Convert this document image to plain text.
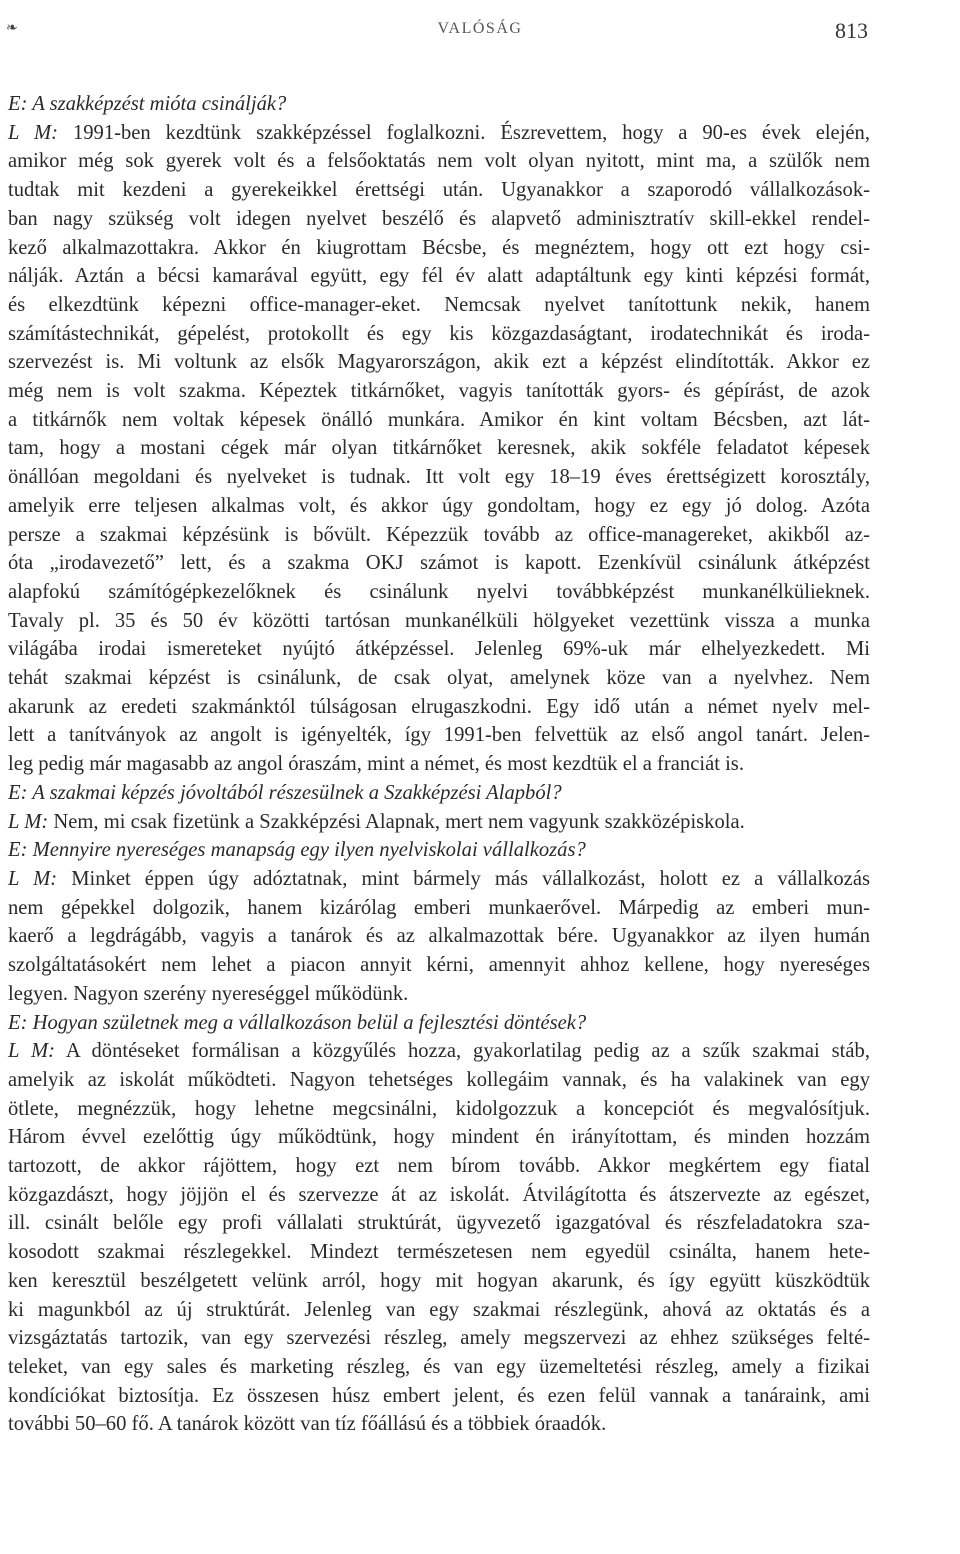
❧	VALÓSÁG	813
E: A szakképzést mióta csinálják?
L M: 1991-ben kezdtünk szakképzéssel foglalkozni. Észrevettem, hogy a 90-es évek elején,
amikor még sok gyerek volt és a felsőoktatás nem volt olyan nyitott, mint ma, a szülők nem
tudtak mit kezdeni a gyerekeikkel érettségi után. Ugyanakkor a szaporodó vállalkozások-
ban nagy szükség volt idegen nyelvet beszélő és alapvető adminisztratív skill-ekkel rendel-
kező alkalmazottakra. Akkor én kiugrottam Bécsbe, és megnéztem, hogy ott ezt hogy csi-
nálják. Aztán a bécsi kamarával együtt, egy fél év alatt adaptáltunk egy kinti képzési formát,
és elkezdtünk képezni office-manager-eket. Nemcsak nyelvet tanítottunk nekik, hanem
számítástechnikát, gépelést, protokollt és egy kis közgazdaságtant, irodatechnikát és iroda-
szervezést is. Mi voltunk az elsők Magyarországon, akik ezt a képzést elindították. Akkor ez
még nem is volt szakma. Képeztek titkárnőket, vagyis tanították gyors- és gépírást, de azok
a titkárnők nem voltak képesek önálló munkára. Amikor én kint voltam Bécsben, azt lát-
tam, hogy a mostani cégek már olyan titkárnőket keresnek, akik sokféle feladatot képesek
önállóan megoldani és nyelveket is tudnak. Itt volt egy 18–19 éves érettségizett korosztály,
amelyik erre teljesen alkalmas volt, és akkor úgy gondoltam, hogy ez egy jó dolog. Azóta
persze a szakmai képzésünk is bővült. Képezzük tovább az office-managereket, akikből az-
óta „irodavezető” lett, és a szakma OKJ számot is kapott. Ezenkívül csinálunk átképzést
alapfokú számítógépkezelőknek és csinálunk nyelvi továbbképzést munkanélkülieknek.
Tavaly pl. 35 és 50 év közötti tartósan munkanélküli hölgyeket vezettünk vissza a munka
világába irodai ismereteket nyújtó átképzéssel. Jelenleg 69%-uk már elhelyezkedett. Mi
tehát szakmai képzést is csinálunk, de csak olyat, amelynek köze van a nyelvhez. Nem
akarunk az eredeti szakmánktól túlságosan elrugaszkodni. Egy idő után a német nyelv mel-
lett a tanítványok az angolt is igényelték, így 1991-ben felvettük az első angol tanárt. Jelen-
leg pedig már magasabb az angol óraszám, mint a német, és most kezdtük el a franciát is.
E: A szakmai képzés jóvoltából részesülnek a Szakképzési Alapból?
L M: Nem, mi csak fizetünk a Szakképzési Alapnak, mert nem vagyunk szakközépiskola.
E: Mennyire nyereséges manapság egy ilyen nyelviskolai vállalkozás?
L M: Minket éppen úgy adóztatnak, mint bármely más vállalkozást, holott ez a vállalkozás
nem gépekkel dolgozik, hanem kizárólag emberi munkaerővel. Márpedig az emberi mun-
kaerő a legdrágább, vagyis a tanárok és az alkalmazottak bére. Ugyanakkor az ilyen humán
szolgáltatásokért nem lehet a piacon annyit kérni, amennyit ahhoz kellene, hogy nyereséges
legyen. Nagyon szerény nyereséggel működünk.
E: Hogyan születnek meg a vállalkozáson belül a fejlesztési döntések?
L M: A döntéseket formálisan a közgyűlés hozza, gyakorlatilag pedig az a szűk szakmai stáb,
amelyik az iskolát működteti. Nagyon tehetséges kollegáim vannak, és ha valakinek van egy
ötlete, megnézzük, hogy lehetne megcsinálni, kidolgozzuk a koncepciót és megvalósítjuk.
Három évvel ezelőttig úgy működtünk, hogy mindent én irányítottam, és minden hozzám
tartozott, de akkor rájöttem, hogy ezt nem bírom tovább. Akkor megkértem egy fiatal
közgazdászt, hogy jöjjön el és szervezze át az iskolát. Átvilágította és átszervezte az egészet,
ill. csinált belőle egy profi vállalati struktúrát, ügyvezető igazgatóval és részfeladatokra sza-
kosodott szakmai részlegekkel. Mindezt természetesen nem egyedül csinálta, hanem hete-
ken keresztül beszélgetett velünk arról, hogy mit hogyan akarunk, és így együtt küszködtük
ki magunkból az új struktúrát. Jelenleg van egy szakmai részlegünk, ahová az oktatás és a
vizsgáztatás tartozik, van egy szervezési részleg, amely megszervezi az ehhez szükséges felté-
teleket, van egy sales és marketing részleg, és van egy üzemeltetési részleg, amely a fizikai
kondíciókat biztosítja. Ez összesen húsz embert jelent, és ezen felül vannak a tanáraink, ami
további 50–60 fő. A tanárok között van tíz főállású és a többiek óraadók.
